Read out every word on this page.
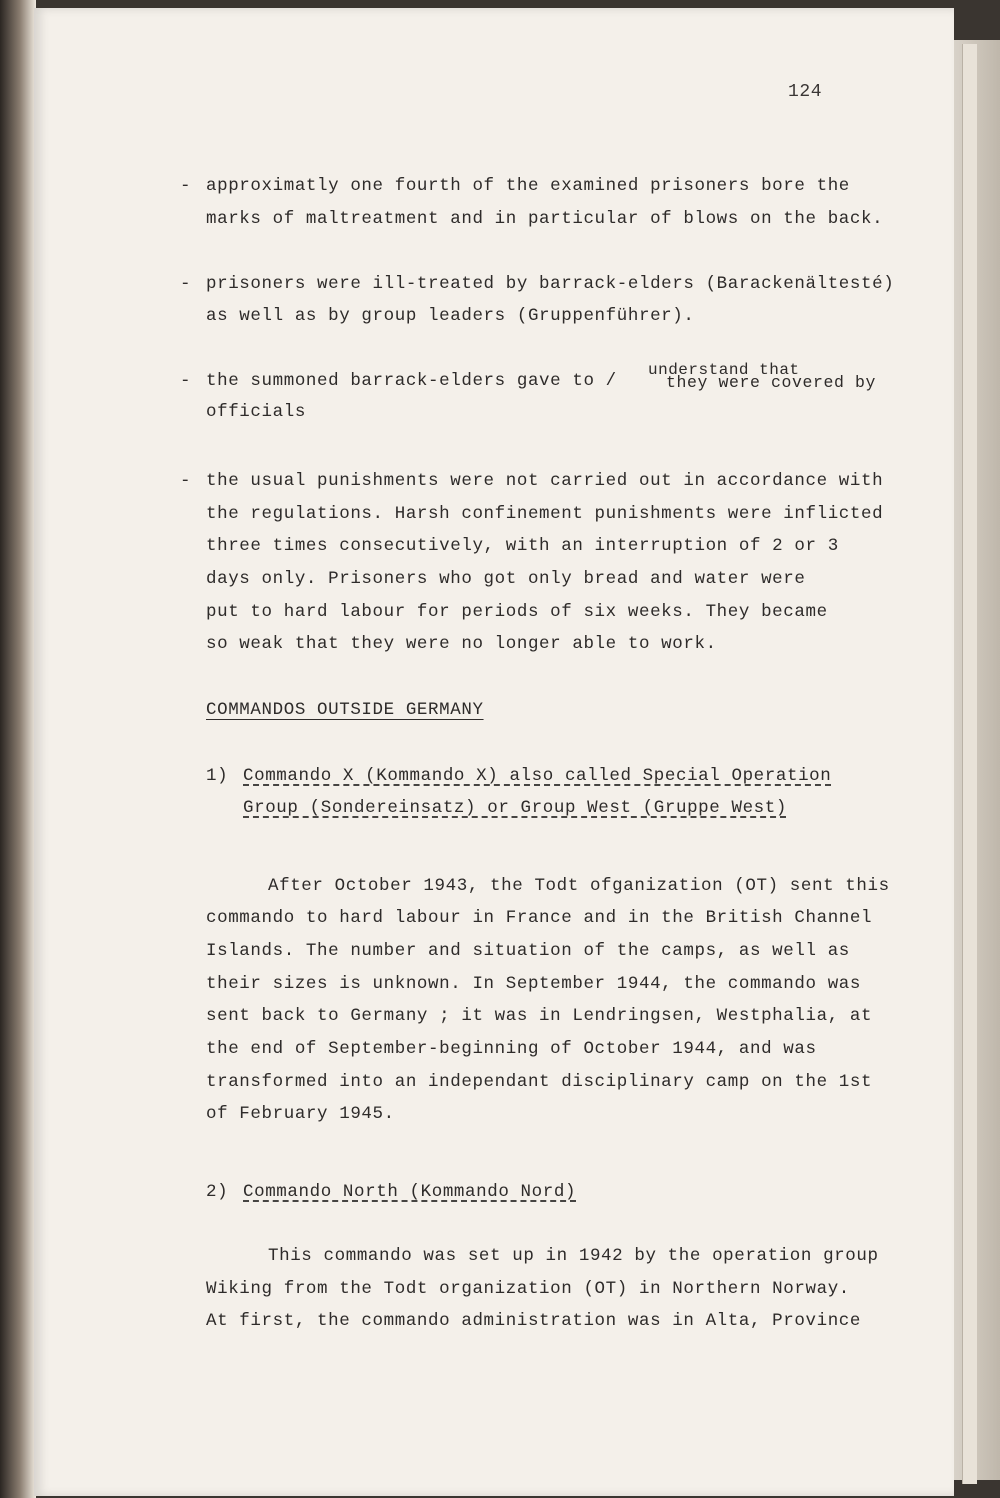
124
- approximatly one fourth of the examined prisoners bore the
marks of maltreatment and in particular of blows on the back.
- prisoners were ill-treated by barrack-elders (Barackenältesté)
as well as by group leaders (Gruppenführer).
- the summoned barrack-elders gave to /
understand that
they were covered by
officials
- the usual punishments were not carried out in accordance with
the regulations. Harsh confinement punishments were inflicted
three times consecutively, with an interruption of 2 or 3
days only. Prisoners who got only bread and water were
put to hard labour for periods of six weeks. They became
so weak that they were no longer able to work.
COMMANDOS OUTSIDE GERMANY
1) Commando X (Kommando X) also called Special Operation
Group (Sondereinsatz) or Group West (Gruppe West)
After October 1943, the Todt ofganization (OT) sent this
commando to hard labour in France and in the British Channel
Islands. The number and situation of the camps, as well as
their sizes is unknown. In September 1944, the commando was
sent back to Germany ; it was in Lendringsen, Westphalia, at
the end of September-beginning of October 1944, and was
transformed into an independant disciplinary camp on the 1st
of February 1945.
2) Commando North (Kommando Nord)
This commando was set up in 1942 by the operation group
Wiking from the Todt organization (OT) in Northern Norway.
At first, the commando administration was in Alta, Province
